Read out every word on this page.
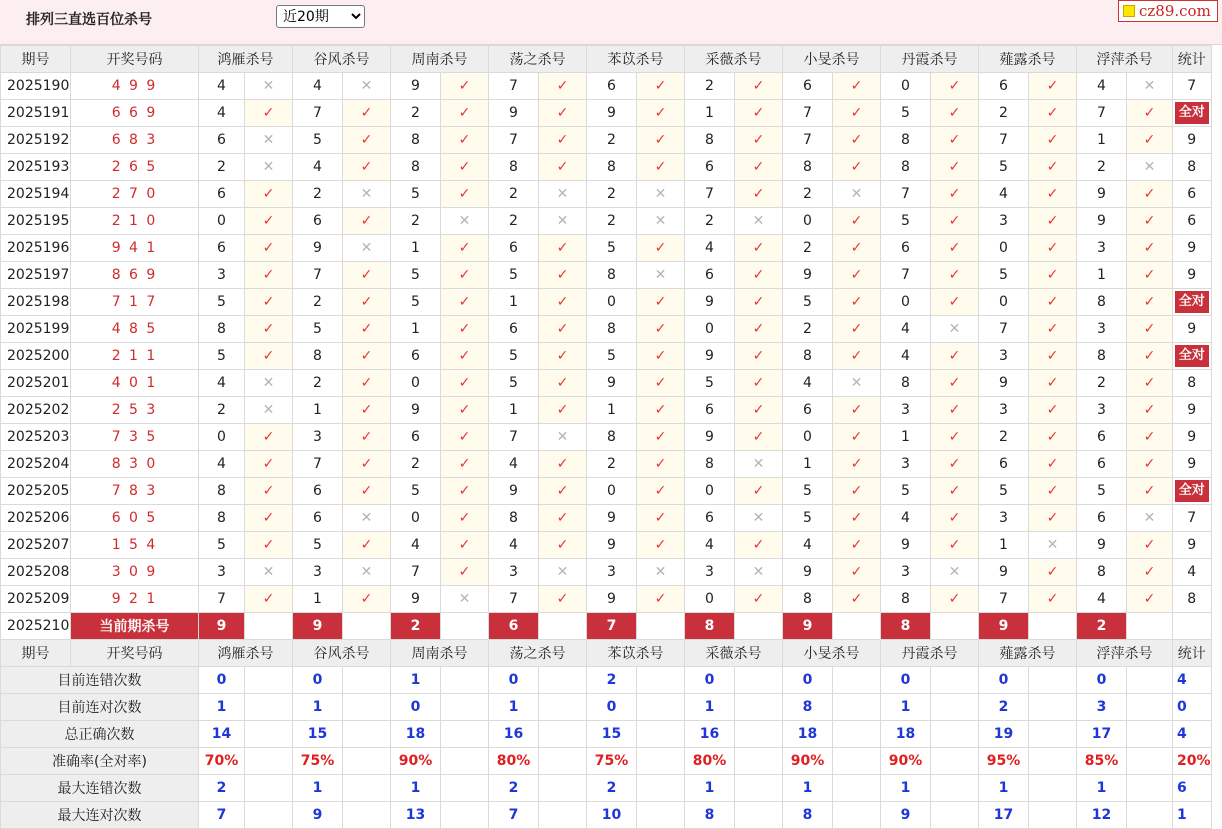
排列三直选百位杀号
近20期	cz89.com
期号	开奖号码	鸿雁杀号		谷风杀号		周南杀号		荡之杀号		苯苡杀号		采薇杀号		小旻杀号		丹霞杀号		薤露杀号		浮萍杀号		统计
2025190	4 9 9	4	✕	4	✕	9	✓	7	✓	6	✓	2	✓	6	✓	0	✓	6	✓	4	✕	7
2025191	6 6 9	4	✓	7	✓	2	✓	9	✓	9	✓	1	✓	7	✓	5	✓	2	✓	7	✓	全对
2025192	6 8 3	6	✕	5	✓	8	✓	7	✓	2	✓	8	✓	7	✓	8	✓	7	✓	1	✓	9
2025193	2 6 5	2	✕	4	✓	8	✓	8	✓	8	✓	6	✓	8	✓	8	✓	5	✓	2	✕	8
2025194	2 7 0	6	✓	2	✕	5	✓	2	✕	2	✕	7	✓	2	✕	7	✓	4	✓	9	✓	6
2025195	2 1 0	0	✓	6	✓	2	✕	2	✕	2	✕	2	✕	0	✓	5	✓	3	✓	9	✓	6
2025196	9 4 1	6	✓	9	✕	1	✓	6	✓	5	✓	4	✓	2	✓	6	✓	0	✓	3	✓	9
2025197	8 6 9	3	✓	7	✓	5	✓	5	✓	8	✕	6	✓	9	✓	7	✓	5	✓	1	✓	9
2025198	7 1 7	5	✓	2	✓	5	✓	1	✓	0	✓	9	✓	5	✓	0	✓	0	✓	8	✓	全对
2025199	4 8 5	8	✓	5	✓	1	✓	6	✓	8	✓	0	✓	2	✓	4	✕	7	✓	3	✓	9
2025200	2 1 1	5	✓	8	✓	6	✓	5	✓	5	✓	9	✓	8	✓	4	✓	3	✓	8	✓	全对
2025201	4 0 1	4	✕	2	✓	0	✓	5	✓	9	✓	5	✓	4	✕	8	✓	9	✓	2	✓	8
2025202	2 5 3	2	✕	1	✓	9	✓	1	✓	1	✓	6	✓	6	✓	3	✓	3	✓	3	✓	9
2025203	7 3 5	0	✓	3	✓	6	✓	7	✕	8	✓	9	✓	0	✓	1	✓	2	✓	6	✓	9
2025204	8 3 0	4	✓	7	✓	2	✓	4	✓	2	✓	8	✕	1	✓	3	✓	6	✓	6	✓	9
2025205	7 8 3	8	✓	6	✓	5	✓	9	✓	0	✓	0	✓	5	✓	5	✓	5	✓	5	✓	全对
2025206	6 0 5	8	✓	6	✕	0	✓	8	✓	9	✓	6	✕	5	✓	4	✓	3	✓	6	✕	7
2025207	1 5 4	5	✓	5	✓	4	✓	4	✓	9	✓	4	✓	4	✓	9	✓	1	✕	9	✓	9
2025208	3 0 9	3	✕	3	✕	7	✓	3	✕	3	✕	3	✕	9	✓	3	✕	9	✓	8	✓	4
2025209	9 2 1	7	✓	1	✓	9	✕	7	✓	9	✓	0	✓	8	✓	8	✓	7	✓	4	✓	8
2025210	当前期杀号	9		9		2		6		7		8		9		8		9		2		
期号	开奖号码	鸿雁杀号		谷风杀号		周南杀号		荡之杀号		苯苡杀号		采薇杀号		小旻杀号		丹霞杀号		薤露杀号		浮萍杀号		统计
目前连错次数		0		0		1		0		2		0		0		0		0		0		4
目前连对次数		1		1		0		1		0		1		8		1		2		3		0
总正确次数		14		15		18		16		15		16		18		18		19		17		4
准确率(全对率)		70%		75%		90%		80%		75%		80%		90%		90%		95%		85%		20%
最大连错次数		2		1		1		2		2		1		1		1		1		1		6
最大连对次数		7		9		13		7		10		8		8		9		17		12		1
